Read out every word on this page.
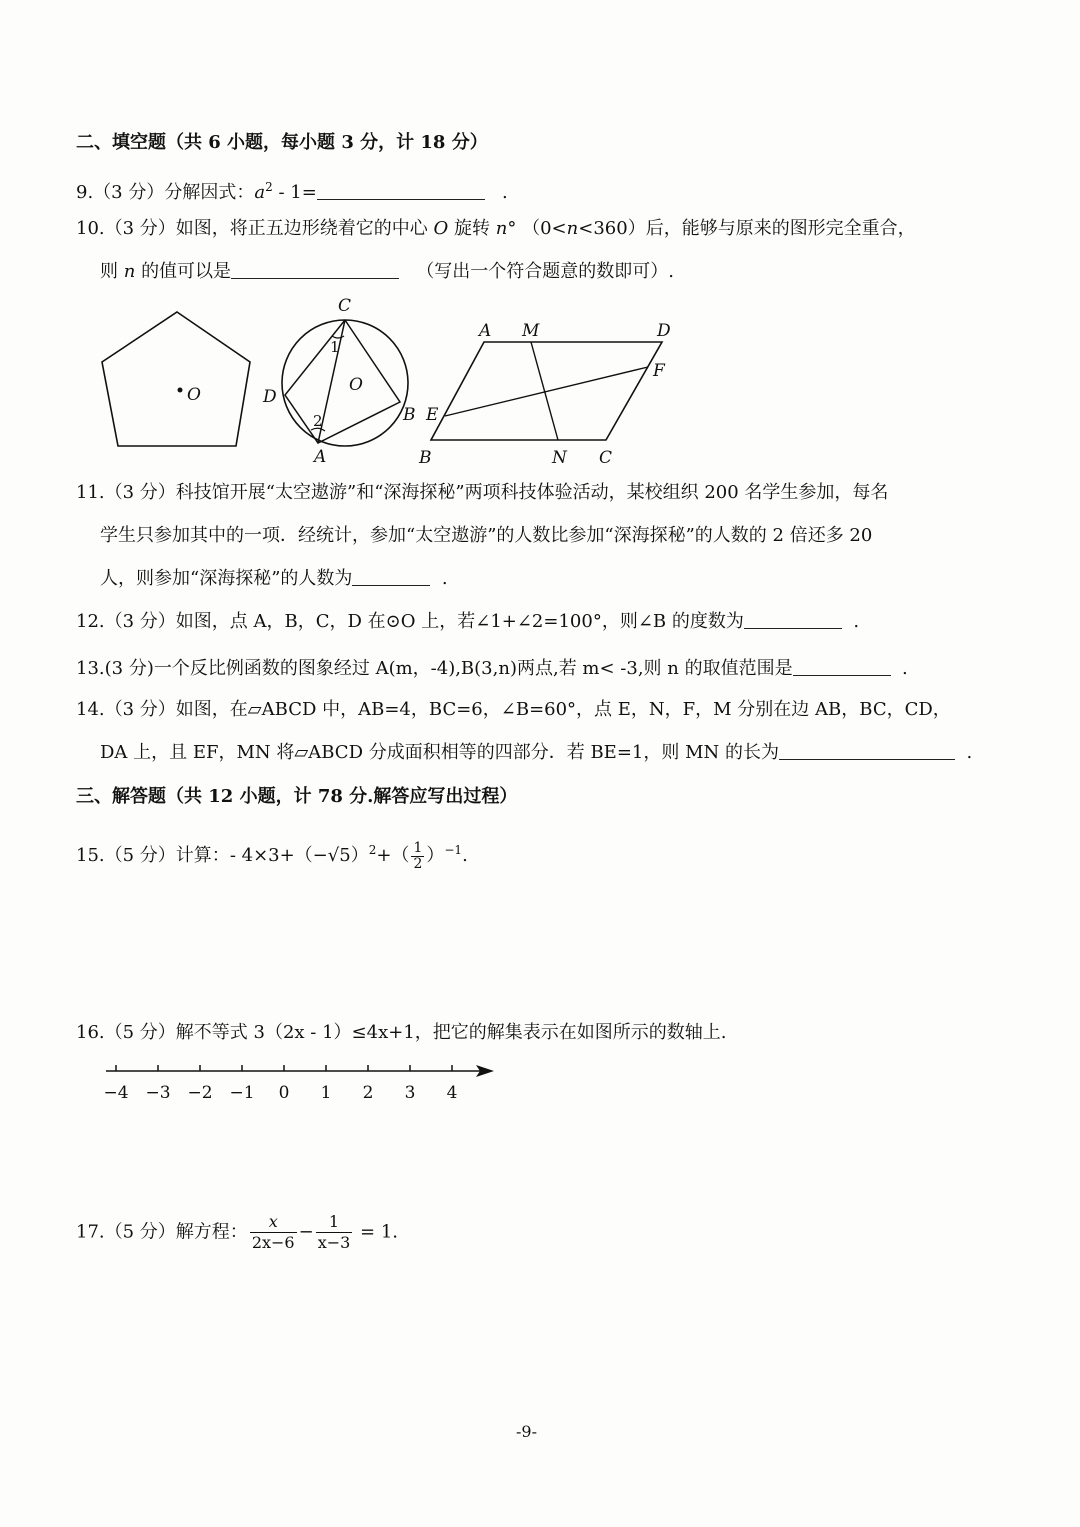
二、填空题（共 6 小题，每小题 3 分，计 18 分）
9.（3 分）分解因式：$a^2 - 1=$	.
10.（3 分）如图，将正五边形绕着它的中心 O 旋转 n° （0<n<360）后，能够与原来的图形完全重合，
则 n 的值可以是	（写出一个符合题意的数即可）.
O
C
D
O
B
A
1
2
A M	D
F
E
B	N C
11.（3 分）科技馆开展“太空遨游”和“深海探秘”两项科技体验活动，某校组织 200 名学生参加，每名
学生只参加其中的一项．经统计，参加“太空遨游”的人数比参加“深海探秘”的人数的 2 倍还多 20
人，则参加“深海探秘”的人数为	.
12.（3 分）如图，点 A，B，C，D 在⊙O 上，若∠1+∠2=100°，则∠B 的度数为	.
13.(3 分)一个反比例函数的图象经过 A(m，-4),B(3,n)两点,若 m< -3,则 n 的取值范围是	.
14.（3 分）如图，在▱ABCD 中，AB=4，BC=6，∠B=60°，点 E，N，F，M 分别在边 AB，BC，CD，
DA 上，且 EF，MN 将▱ABCD 分成面积相等的四部分．若 BE=1，则 MN 的长为	.
三、解答题（共 12 小题，计 78 分.解答应写出过程）
15.（5 分）计算：- $4\times 3+(-√5)^2+( \frac{1}{2} )^{-1}$.
16.（5 分）解不等式 3（2x - 1）≤4x+1，把它的解集表示在如图所示的数轴上.
−4 −3 −2 −1 0 1 2 3 4
17.（5 分）解方程： $\frac{x}{2x-6} - \frac{1}{x-3} = 1$.
-9-
